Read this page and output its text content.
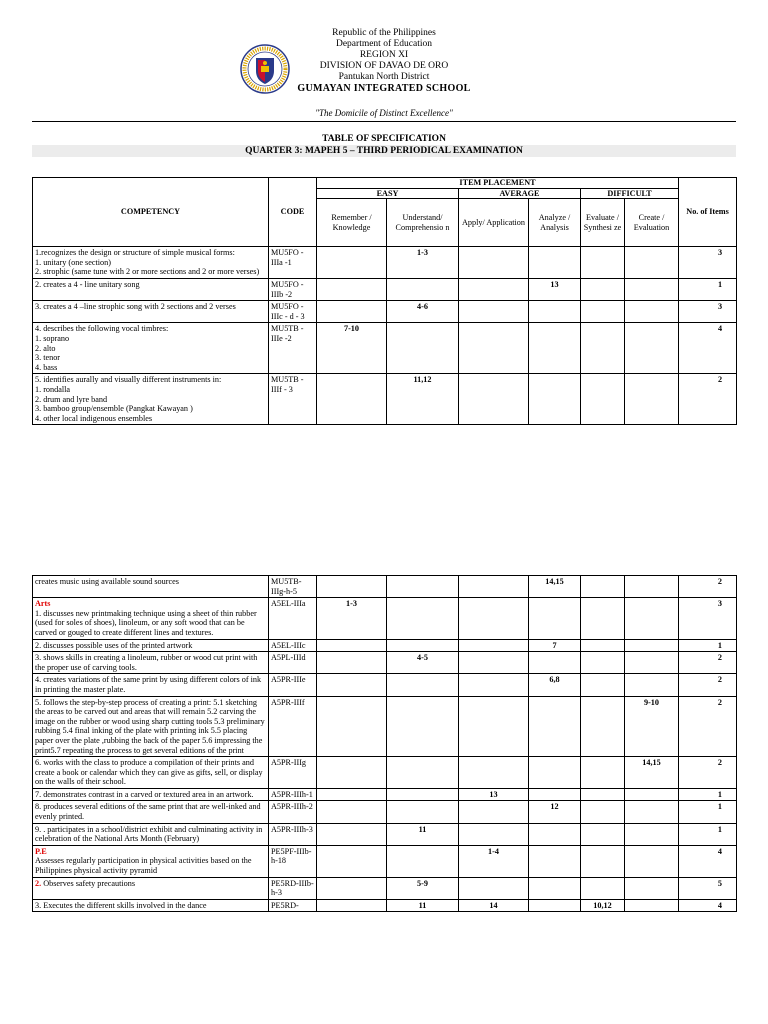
Republic of the Philippines
Department of Education
REGION XI
DIVISION OF DAVAO DE ORO
Pantukan North District
GUMAYAN INTEGRATED SCHOOL
"The Domicile of Distinct Excellence"
TABLE OF SPECIFICATION
QUARTER 3: MAPEH 5 – THIRD PERIODICAL EXAMINATION
COMPETENCY	CODE	ITEM PLACEMENT						No. of Items
		EASY		AVERAGE		DIFFICULT		
		Remember / Knowledge	Understand/ Comprehensio n	Apply/ Application	Analyze / Analysis	Evaluate / Synthesi ze	Create / Evaluation	

1.recognizes the design or structure of simple musical forms:
1. unitary (one section)
2. strophic (same tune with 2 or more sections and 2 or more verses)	MU5FO -IIIa -1		1-3					3

2. creates a 4 - line unitary song	MU5FO -IIIb -2				13			1

3. creates a 4 –line strophic song with 2 sections and 2 verses	MU5FO -IIIc - d - 3		4-6					3

4. describes the following vocal timbres:
1. soprano
2. alto
3. tenor
4. bass	MU5TB -IIIe -2	7-10						4

5. identifies aurally and visually different instruments in:
1. rondalla
2. drum and lyre band
3. bamboo group/ensemble (Pangkat Kawayan )
4. other local indigenous ensembles	MU5TB -IIIf - 3		11,12					2
creates music using available sound sources	MU5TB-IIIg-h-5				14,15			2

Arts
1. discusses new printmaking technique using a sheet of thin rubber (used for soles of shoes), linoleum, or any soft wood that can be carved or gouged to create different lines and textures.	A5EL-IIIa	1-3						3

2. discusses possible uses of the printed artwork	A5EL-IIIc				7			1

3. shows skills in creating a linoleum, rubber or wood cut print with the proper use of carving tools.	A5PL-IIId		4-5					2

4. creates variations of the same print by using different colors of ink in printing the master plate.	A5PR-IIIe				6,8			2

5. follows the step-by-step process of creating a print: 5.1 sketching the areas to be carved out and areas that will remain 5.2 carving the image on the rubber or wood using sharp cutting tools 5.3 preliminary rubbing 5.4 final inking of the plate with printing ink 5.5 placing paper over the plate ,rubbing the back of the paper 5.6 impressing the print5.7 repeating the process to get several editions of the print	A5PR-IIIf						9-10	2

6. works with the class to produce a compilation of their prints and create a book or calendar which they can give as gifts, sell, or display on the walls of their school.	A5PR-IIIg						14,15	2

7. demonstrates contrast in a carved or textured area in an artwork.	A5PR-IIIh-1			13				1

8. produces several editions of the same print that are well-inked and evenly printed.	A5PR-IIIh-2				12			1

9. . participates in a school/district exhibit and culminating activity in celebration of the National Arts Month (February)	A5PR-IIIh-3		11					1

P.E
Assesses regularly participation in physical activities based on the Philippines physical activity pyramid	PE5PF-IIIb-h-18			1-4				4

2. Observes safety precautions	PE5RD-IIIb-h-3		5-9					5

3. Executes the different skills involved in the dance	PE5RD-		11	14		10,12		4
